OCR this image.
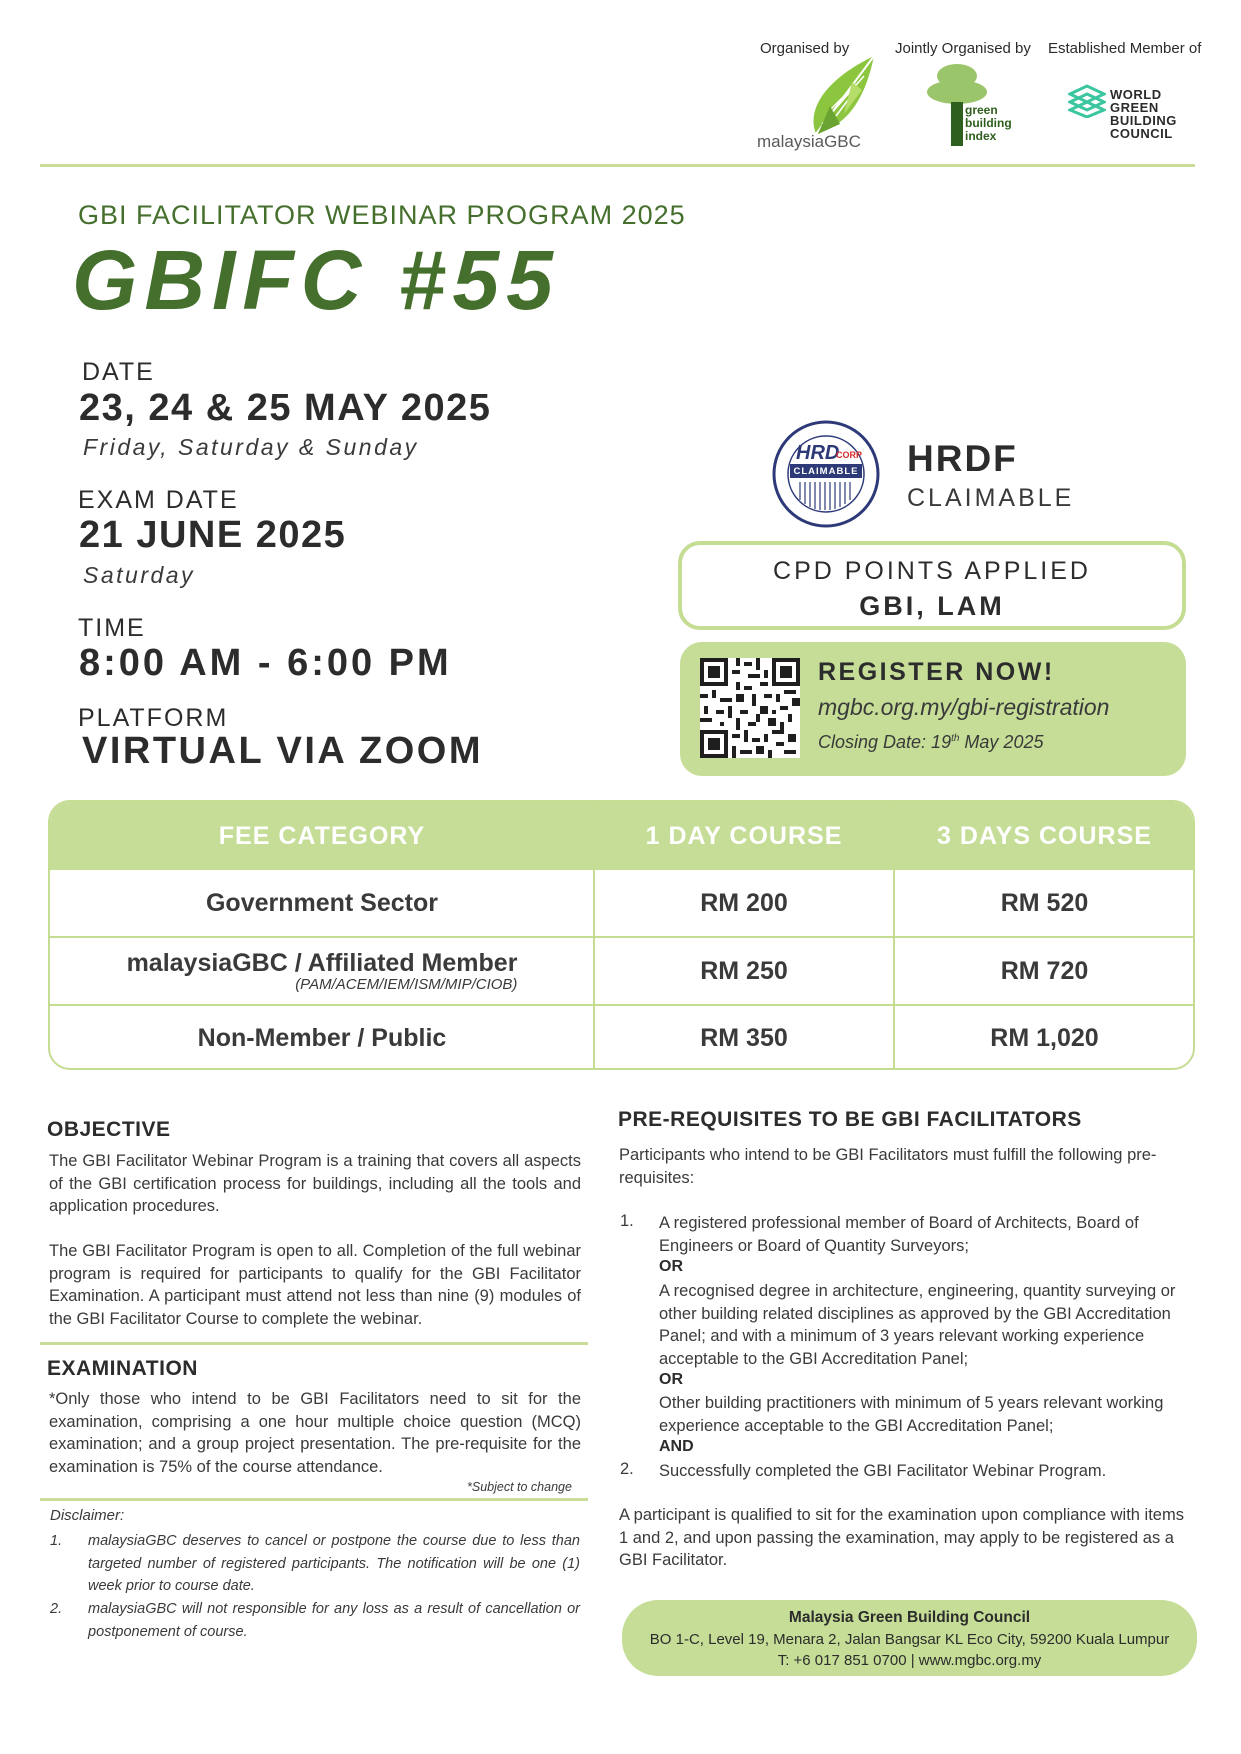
Organised by	Jointly Organised by Established Member of
malaysiaGBC
green
building
index
WORLD
GREEN
BUILDING
COUNCIL
GBI FACILITATOR WEBINAR PROGRAM 2025
GBIFC #55
DATE
23, 24 & 25 MAY 2025
Friday, Saturday & Sunday
EXAM DATE
21 JUNE 2025
Saturday
TIME
8:00 AM - 6:00 PM
PLATFORM
VIRTUAL VIA ZOOM
HRD
CORP
CLAIMABLE HRDF
CLAIMABLE
CPD POINTS APPLIED
GBI, LAM
REGISTER NOW!
mgbc.org.my/gbi-registration
Closing Date: 19th May 2025
FEE CATEGORY	1 DAY COURSE	3 DAYS COURSE
Government Sector	RM 200	RM 520
malaysiaGBC / Affiliated Member
(PAM/ACEM/IEM/ISM/MIP/CIOB)	RM 250	RM 720
Non-Member / Public	RM 350	RM 1,020
OBJECTIVE
The GBI Facilitator Webinar Program is a training that covers all aspects of the GBI certification process for buildings, including all the tools and application procedures.
The GBI Facilitator Program is open to all. Completion of the full webinar program is required for participants to qualify for the GBI Facilitator Examination. A participant must attend not less than nine (9) modules of the GBI Facilitator Course to complete the webinar.
EXAMINATION
*Only those who intend to be GBI Facilitators need to sit for the examination, comprising a one hour multiple choice question (MCQ) examination; and a group project presentation. The pre-requisite for the examination is 75% of the course attendance.
*Subject to change
Disclaimer:
1. malaysiaGBC deserves to cancel or postpone the course due to less than targeted number of registered participants. The notification will be one (1) week prior to course date.
2. malaysiaGBC will not responsible for any loss as a result of cancellation or postponement of course.
PRE-REQUISITES TO BE GBI FACILITATORS
Participants who intend to be GBI Facilitators must fulfill the following pre-requisites:
1. A registered professional member of Board of Architects, Board of Engineers or Board of Quantity Surveyors;
OR
A recognised degree in architecture, engineering, quantity surveying or other building related disciplines as approved by the GBI Accreditation Panel; and with a minimum of 3 years relevant working experience acceptable to the GBI Accreditation Panel;
OR
Other building practitioners with minimum of 5 years relevant working experience acceptable to the GBI Accreditation Panel;
AND
2. Successfully completed the GBI Facilitator Webinar Program.
A participant is qualified to sit for the examination upon compliance with items 1 and 2, and upon passing the examination, may apply to be registered as a GBI Facilitator.
Malaysia Green Building Council
BO 1-C, Level 19, Menara 2, Jalan Bangsar KL Eco City, 59200 Kuala Lumpur
T: +6 017 851 0700 | www.mgbc.org.my
